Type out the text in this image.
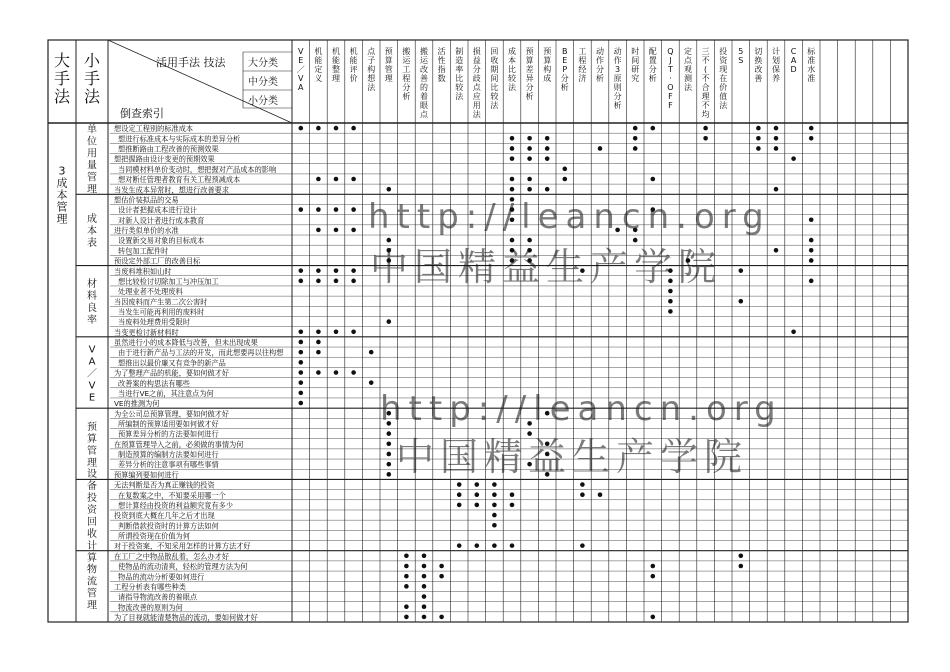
大手法
小手法
活用手法 技法 大分类
中分类
小分类
倒查索引
V
E
／
V
A
机
能
定
义
机
能
整
理
机
能
评
价
点
子
构
想
法
预
算
管
理
搬
运
工
程
分
析
搬
运
改
善
的
着
眼
点
活
性
指
数
制
造
率
比
较
法
损
益
分
歧
点
应
用
法
回
收
期
间
比
较
法
成
本
比
较
法
预
算
差
异
分
析
预
算
构
成
B
E
P
分
析
工
程
经
济
动
作
分
析
动
作
3
原
则
分
析
时
间
研
究
配
置
分
析
Q
J
T
·
O
F
F
定
点
观
测
法
三
不
(
不
合
理
不
均
投
资
现
在
价
值
法
5
S
切
换
改
善
计
划
保
养
C
A
D
标
准
水
准
想设定工程别的标准成本
想进行标准成本与实际成本的差异分析
想推断路由工程改善的预测效果
想把握路由设计变更的预期效果
当同模材料单价变动时，想把握对产品成本的影响
想对断任管理者教育有关工程预减成本
当发生成本异常时，想进行改善要求
单位用量管理
想估价装拟品的交易
设计者把握成本进行设计
对新人设计者进行成本教育
进行类似单价的水准
设置新交易对象的目标成本
转包加工配件时
预设定外部工厂的改善目标
成本表
3 成本管理
当废料堆积如山时
想比较检讨切除加工与冲压加工
处理业者不处理废料
当因废料而产生第二次公害时
当发生可能再利用的废料时
当废料处理费用受限时
当变更检讨新材料时
材料良率
虽然进行小的成本降低与改善，但未出现成果
由于进行新产品与工法的开发，而此想要再以往构想
想推出以最价廉又有竞争的新产品
为了整理产品的机能，要如何做才好
改善案的构思法有哪些
当进行VE之前，其注意点为何
VE的推测为何
V A ／ V E
为全公司总预算管理，要如何做才好
所编制的预算适用要如何做才好
预算差异分析的方法要如何进行
在预算管理导入之前，必须做的事情为何
制造预算的编制方法要如何进行
差异分析的注意事项有哪些事情
预算编列要如何进行
预算管理
无法判断是否为真正赚钱的投资
在复数案之中，不知要采用哪一个
想计算经由投资的利益额究竟有多少
投资到底大概在几年之后才出现
判断借款投资时的计算方法如何
所谓投资现在价值为何
对于投资案，不知采用怎样的计算方法才好
设备投资回收计算 在工厂之中物品散乱着，怎么办才好
使物品的流动清爽，轻松的管理方法为何
物品的流动分析要如何进行
工程分析表有哪些种类
请指导物流改善的着眼点
物流改善的原则为何
为了目视就能清楚物品的流动，要如何做才好
物流管理
http://leancn.org
中国精益生产学院
http://leancn.org
中国精益生产学院
